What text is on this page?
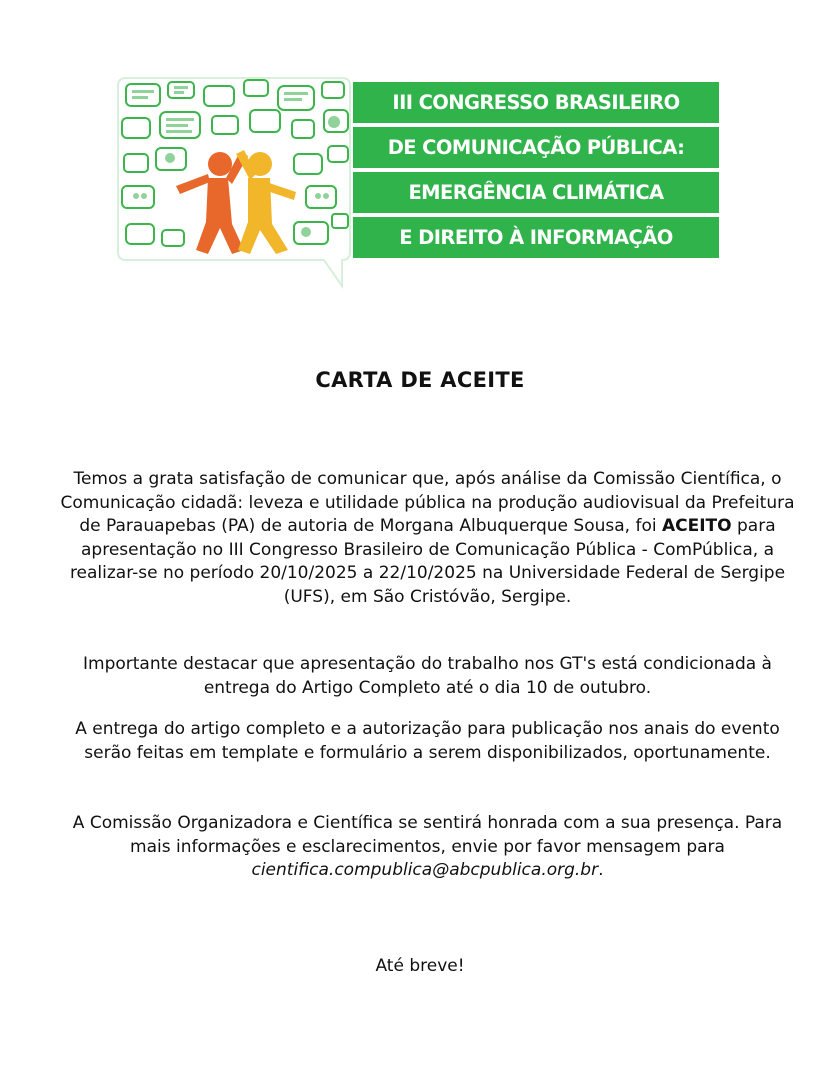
III CONGRESSO BRASILEIRO
DE COMUNICAÇÃO PÚBLICA:
EMERGÊNCIA CLIMÁTICA
E DIREITO À INFORMAÇÃO
CARTA DE ACEITE
Temos a grata satisfação de comunicar que, após análise da Comissão Científica, o Comunicação cidadã: leveza e utilidade pública na produção audiovisual da Prefeitura de Parauapebas (PA) de autoria de Morgana Albuquerque Sousa, foi ACEITO para apresentação no III Congresso Brasileiro de Comunicação Pública - ComPública, a realizar-se no período 20/10/2025 a 22/10/2025 na Universidade Federal de Sergipe (UFS), em São Cristóvão, Sergipe.
Importante destacar que apresentação do trabalho nos GT's está condicionada à entrega do Artigo Completo até o dia 10 de outubro.
A entrega do artigo completo e a autorização para publicação nos anais do evento serão feitas em template e formulário a serem disponibilizados, oportunamente.
A Comissão Organizadora e Científica se sentirá honrada com a sua presença. Para mais informações e esclarecimentos, envie por favor mensagem para cientifica.compublica@abcpublica.org.br.
Até breve!
